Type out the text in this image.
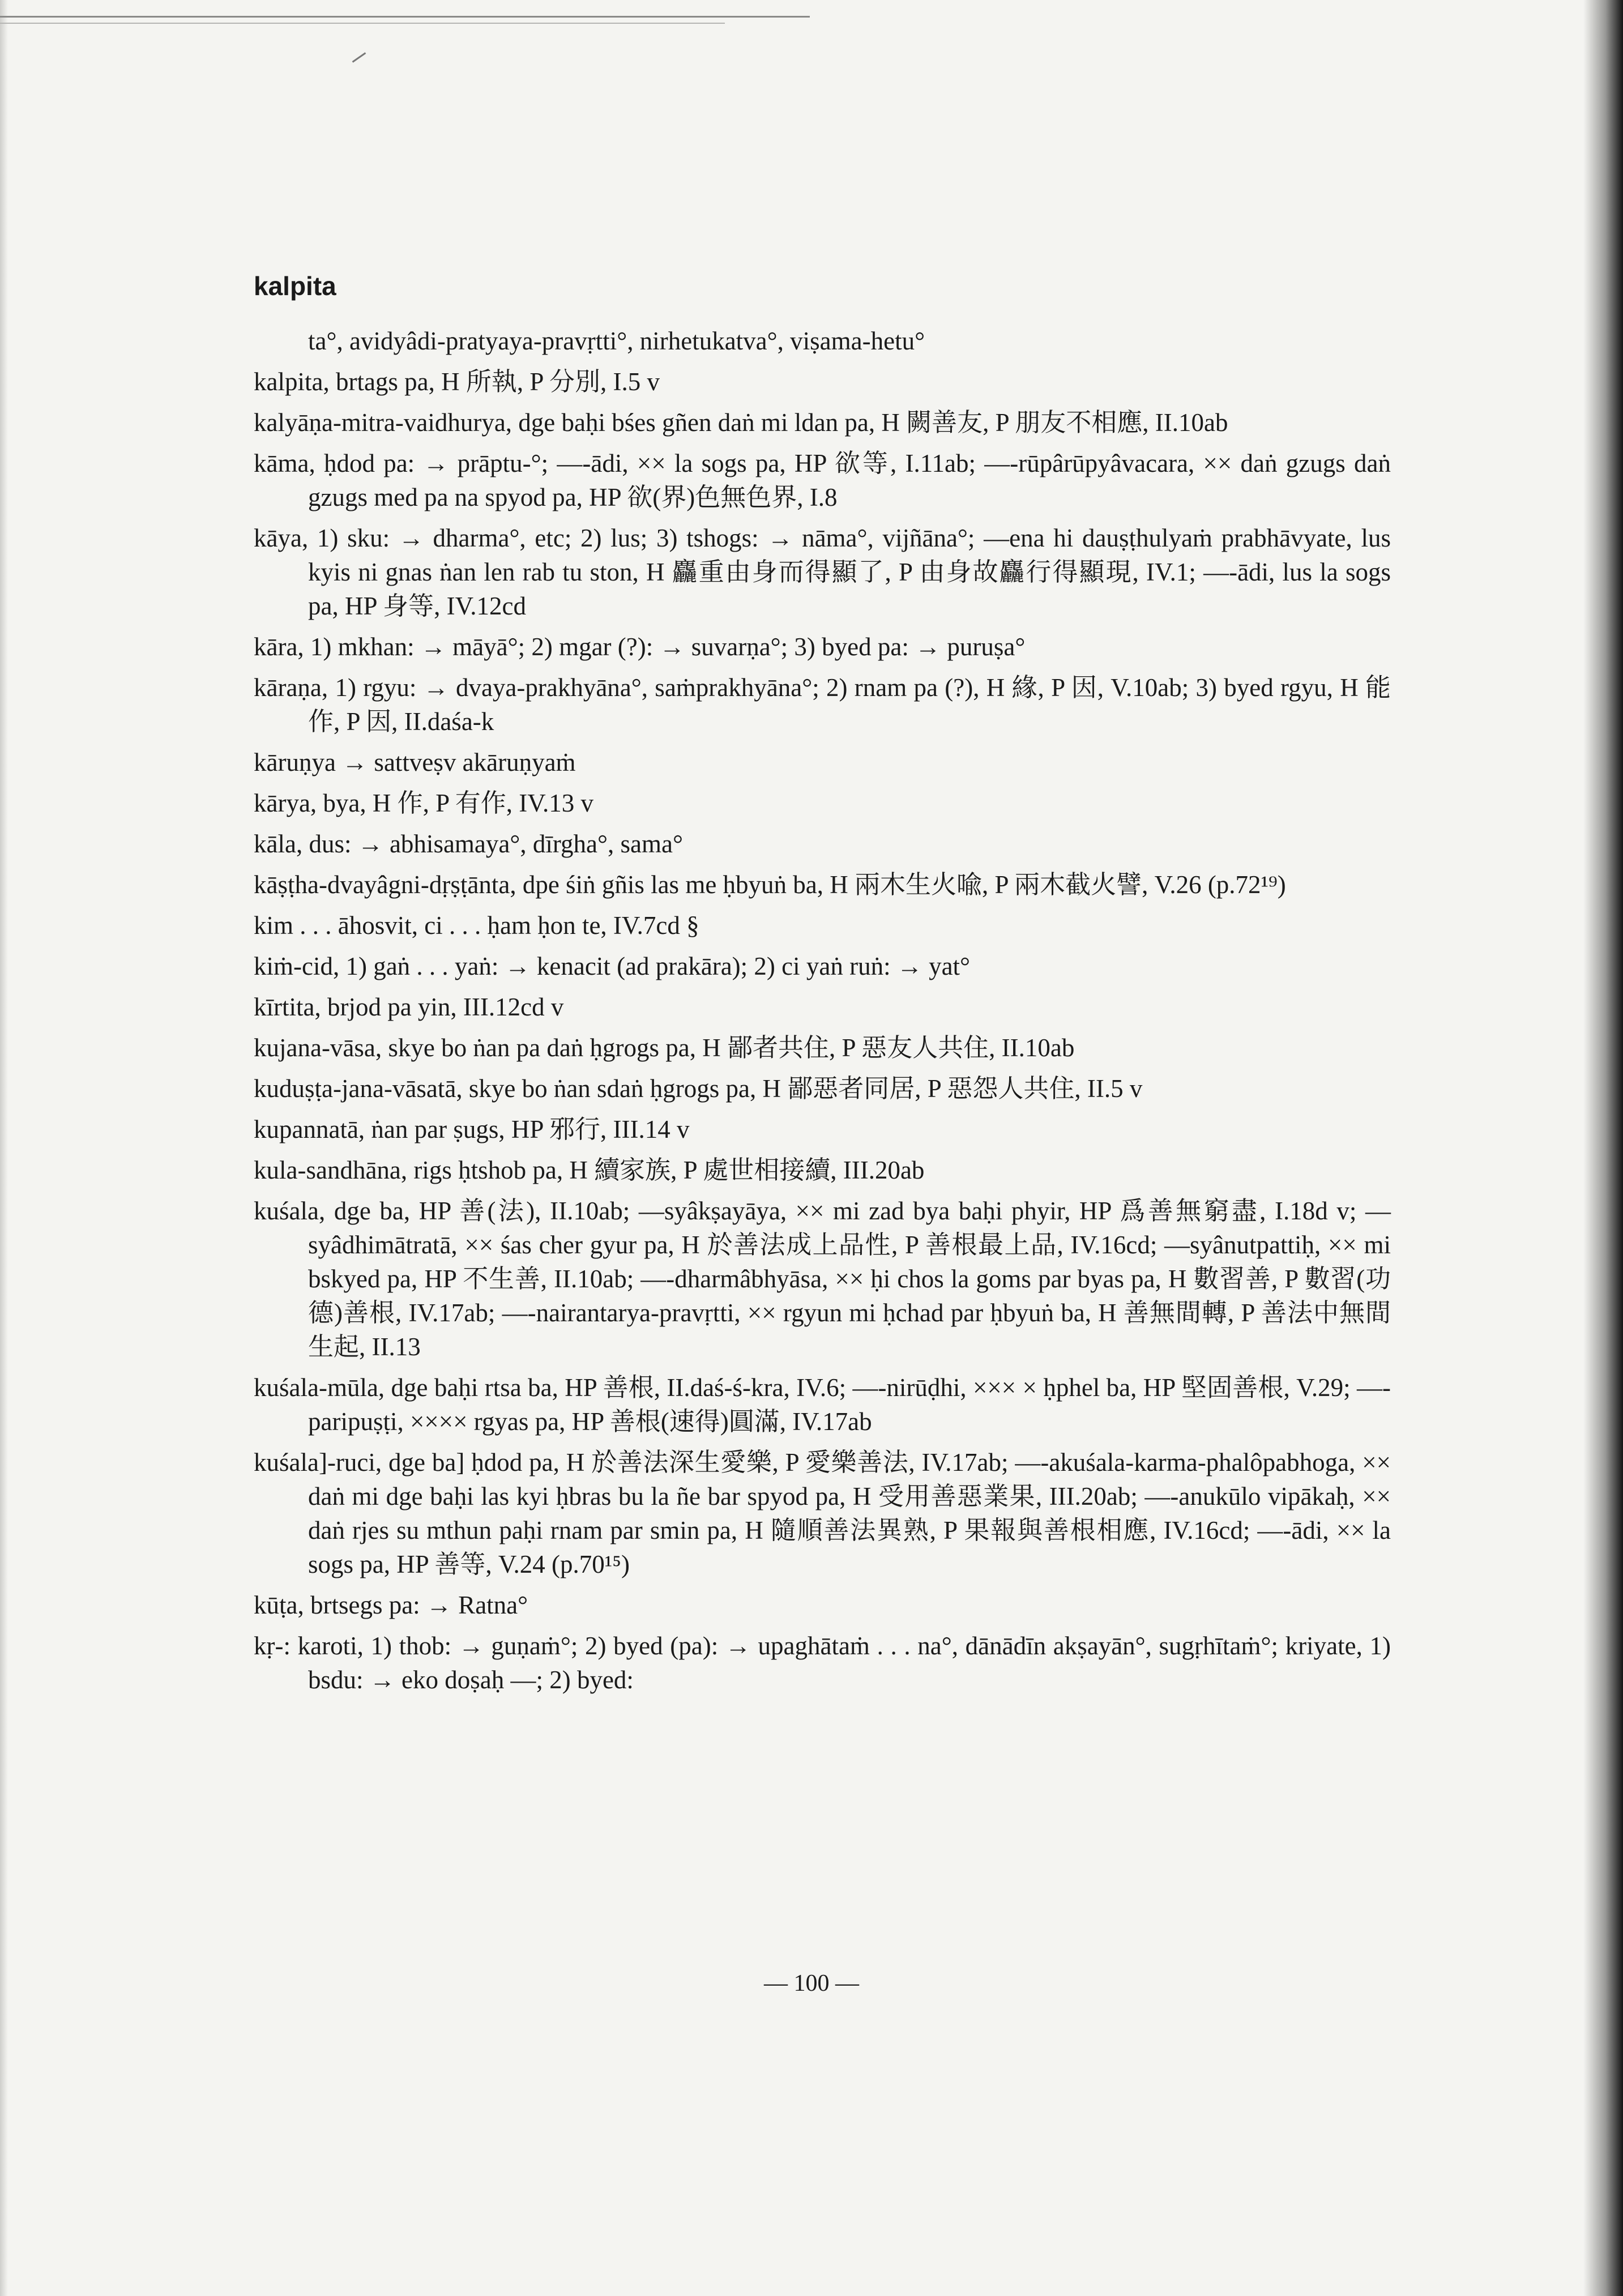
kalpita

ta°, avidyâdi-pratyaya-pravṛtti°, nirhetukatva°, viṣama-hetu°

kalpita, brtags pa, H 所執, P 分別, I.5 v

kalyāṇa-mitra-vaidhurya, dge baḥi bśes gñen daṅ mi ldan pa, H 闕善友, P 朋友不相應, II.10ab

kāma, ḥdod pa: → prāptu-°; —-ādi, ×× la sogs pa, HP 欲等, I.11ab; —-rūpârūpyâvacara, ×× daṅ gzugs daṅ gzugs med pa na spyod pa, HP 欲(界)色無色界, I.8

kāya, 1) sku: → dharma°, etc; 2) lus; 3) tshogs: → nāma°, vijñāna°; —ena hi dauṣṭhulyaṁ prabhāvyate, lus kyis ni gnas ṅan len rab tu ston, H 麤重由身而得顯了, P 由身故麤行得顯現, IV.1; —-ādi, lus la sogs pa, HP 身等, IV.12cd

kāra, 1) mkhan: → māyā°; 2) mgar (?): → suvarṇa°; 3) byed pa: → puruṣa°

kāraṇa, 1) rgyu: → dvaya-prakhyāna°, saṁprakhyāna°; 2) rnam pa (?), H 緣, P 因, V.10ab; 3) byed rgyu, H 能作, P 因, II.daśa-k

kāruṇya → sattveṣv akāruṇyaṁ

kārya, bya, H 作, P 有作, IV.13 v

kāla, dus: → abhisamaya°, dīrgha°, sama°

kāṣṭha-dvayâgni-dṛṣṭānta, dpe śiṅ gñis las me ḥbyuṅ ba, H 兩木生火喩, P 兩木截火譬, V.26 (p.72¹⁹)

kim . . . āhosvit, ci . . . ḥam ḥon te, IV.7cd §

kiṁ-cid, 1) gaṅ . . . yaṅ: → kenacit (ad prakāra); 2) ci yaṅ ruṅ: → yat°

kīrtita, brjod pa yin, III.12cd v

kujana-vāsa, skye bo ṅan pa daṅ ḥgrogs pa, H 鄙者共住, P 惡友人共住, II.10ab

kuduṣṭa-jana-vāsatā, skye bo ṅan sdaṅ ḥgrogs pa, H 鄙惡者同居, P 惡怨人共住, II.5 v

kupannatā, ṅan par ṣugs, HP 邪行, III.14 v

kula-sandhāna, rigs ḥtshob pa, H 續家族, P 處世相接續, III.20ab

kuśala, dge ba, HP 善(法), II.10ab; —syâkṣayāya, ×× mi zad bya baḥi phyir, HP 爲善無窮盡, I.18d v; —syâdhimātratā, ×× śas cher gyur pa, H 於善法成上品性, P 善根最上品, IV.16cd; —syânutpattiḥ, ×× mi bskyed pa, HP 不生善, II.10ab; —-dharmâbhyāsa, ×× ḥi chos la goms par byas pa, H 數習善, P 數習(功德)善根, IV.17ab; —-nairantarya-pravṛtti, ×× rgyun mi ḥchad par ḥbyuṅ ba, H 善無間轉, P 善法中無間生起, II.13

kuśala-mūla, dge baḥi rtsa ba, HP 善根, II.daś-ś-kra, IV.6; —-nirūḍhi, ××× × ḥphel ba, HP 堅固善根, V.29; —-paripuṣṭi, ×××× rgyas pa, HP 善根(速得)圓滿, IV.17ab

kuśala]-ruci, dge ba] ḥdod pa, H 於善法深生愛樂, P 愛樂善法, IV.17ab; —-akuśala-karma-phalôpabhoga, ×× daṅ mi dge baḥi las kyi ḥbras bu la ñe bar spyod pa, H 受用善惡業果, III.20ab; —-anukūlo vipākaḥ, ×× daṅ rjes su mthun paḥi rnam par smin pa, H 隨順善法異熟, P 果報與善根相應, IV.16cd; —-ādi, ×× la sogs pa, HP 善等, V.24 (p.70¹⁵)

kūṭa, brtsegs pa: → Ratna°

kṛ-: karoti, 1) thob: → guṇaṁ°; 2) byed (pa): → upaghātaṁ . . . na°, dānādīn akṣayān°, sugṛhītaṁ°; kriyate, 1) bsdu: → eko doṣaḥ —; 2) byed:

— 100 —
